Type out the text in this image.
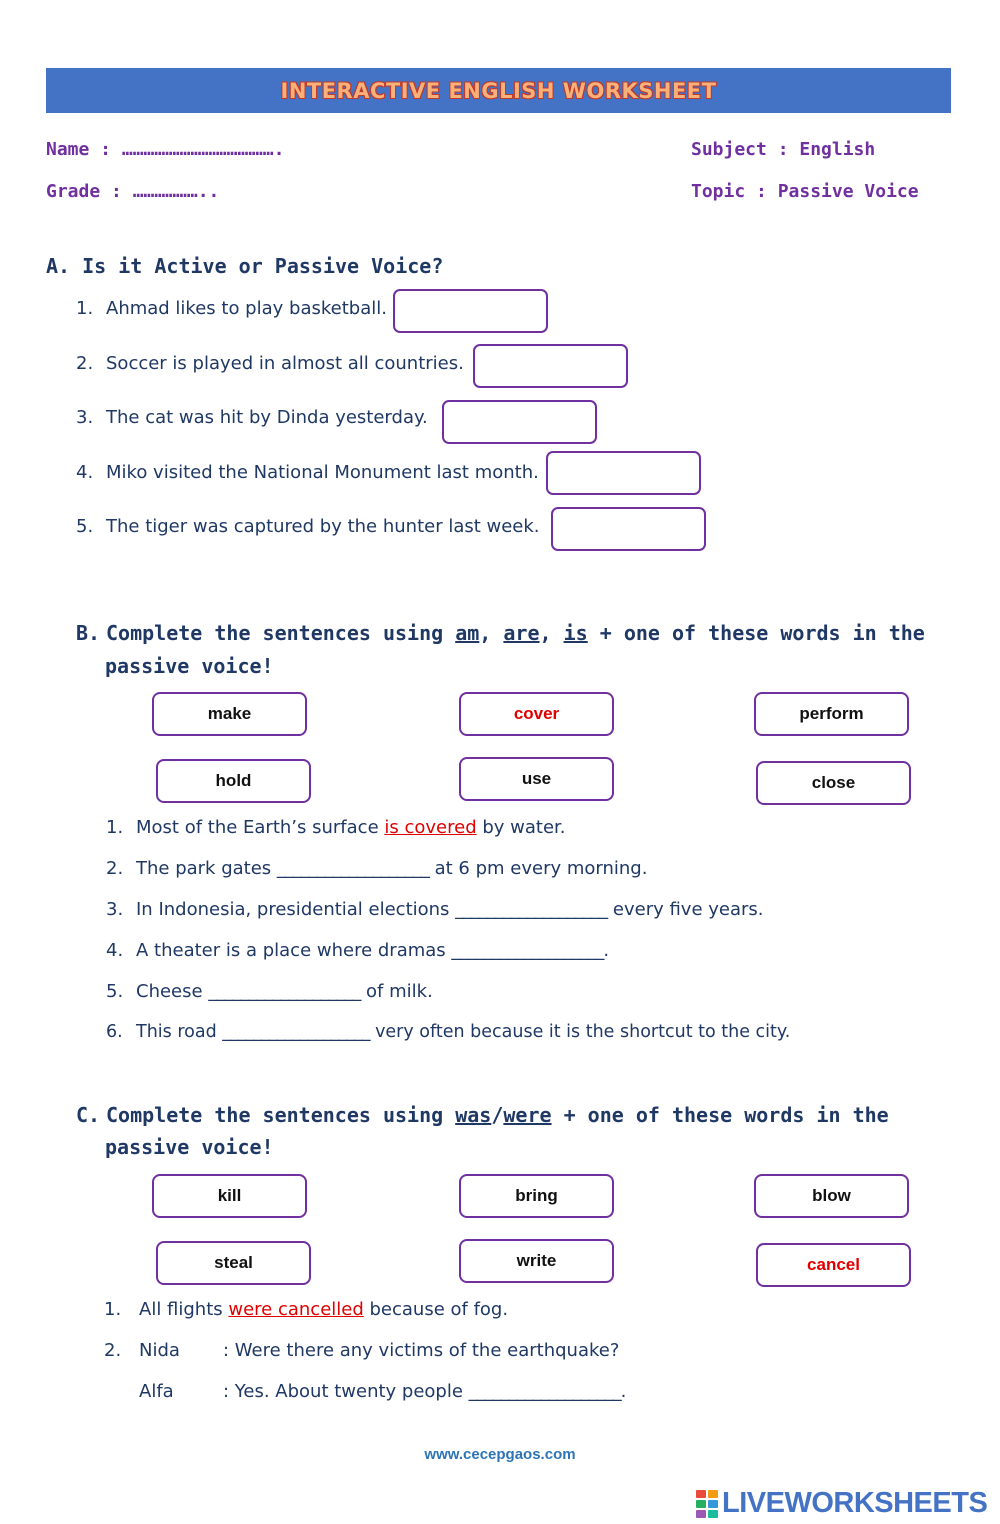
INTERACTIVE ENGLISH WORKSHEET
Name : …………………………………….
Grade : ………………..
Subject : English
Topic : Passive Voice
A. Is it Active or Passive Voice?
1. Ahmad likes to play basketball.
2. Soccer is played in almost all countries.
3. The cat was hit by Dinda yesterday.
4. Miko visited the National Monument last month.
5. The tiger was captured by the hunter last week.
B. Complete the sentences using am, are, is + one of these words in the
passive voice!
make	cover	perform
hold	use	close
1. Most of the Earth’s surface is covered by water.
2. The park gates ___________________ at 6 pm every morning.
3. In Indonesia, presidential elections ___________________ every five years.
4. A theater is a place where dramas ___________________.
5. Cheese ___________________ of milk.
6. This road ___________________ very often because it is the shortcut to the city.
C. Complete the sentences using was/were + one of these words in the
passive voice!
kill	bring	blow
steal	write	cancel
1. All flights were cancelled because of fog.
2. Nida : Were there any victims of the earthquake?
Alfa	: Yes. About twenty people ___________________.
www.cecepgaos.com
LIVEWORKSHEETS
